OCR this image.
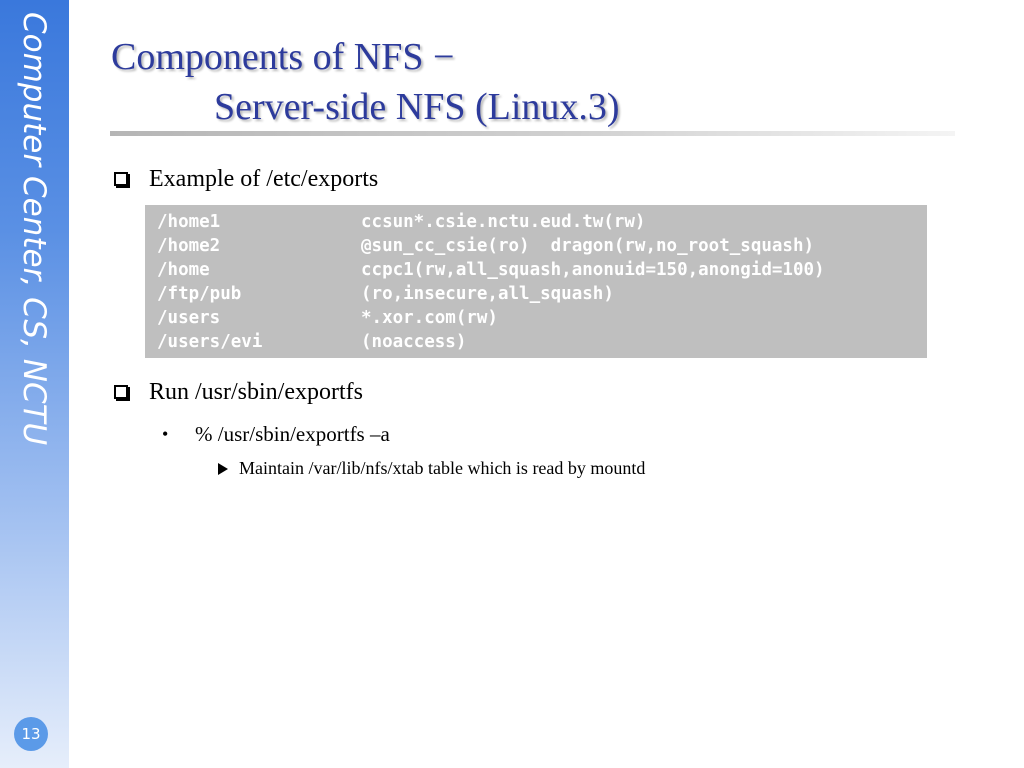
Computer Center, CS, NCTU
13
Components of NFS −
Server-side NFS (Linux.3)
Example of /etc/exports
/home1	ccsun*.csie.nctu.eud.tw(rw)
/home2	@sun_cc_csie(ro)  dragon(rw,no_root_squash)
/home	ccpc1(rw,all_squash,anonuid=150,anongid=100)
/ftp/pub	(ro,insecure,all_squash)
/users	*.xor.com(rw)
/users/evi	(noaccess)
Run /usr/sbin/exportfs
• % /usr/sbin/exportfs –a
Maintain /var/lib/nfs/xtab table which is read by mountd
